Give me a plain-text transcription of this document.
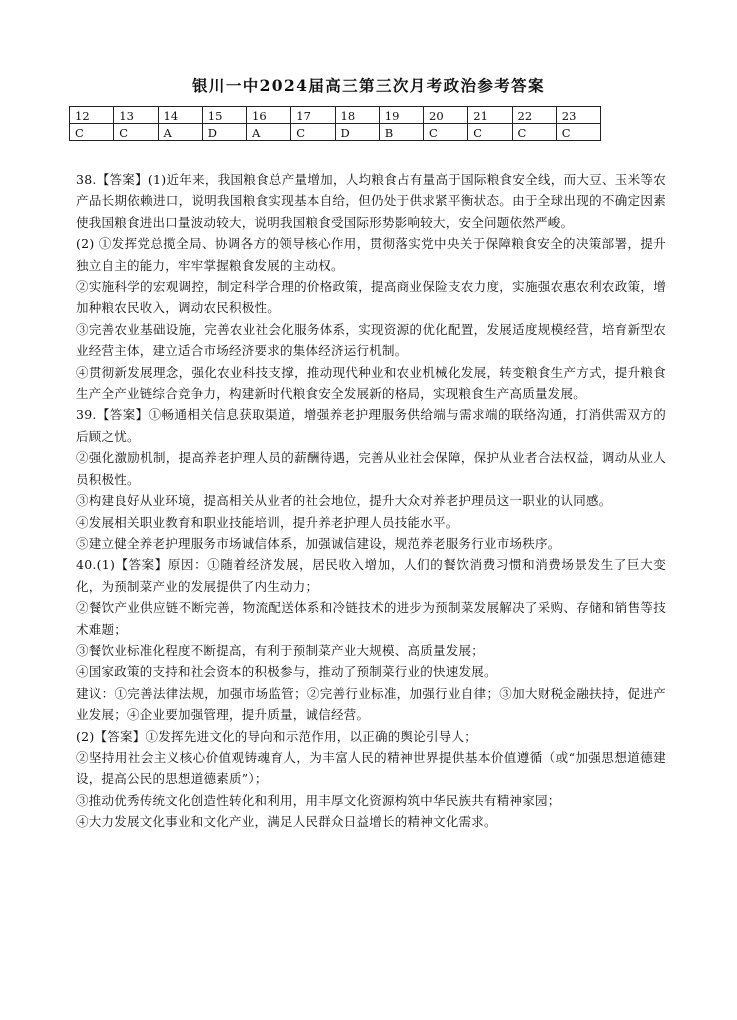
银川一中2024届高三第三次月考政治参考答案
12	13	14	15	16	17	18	19	20	21	22	23
C	C	A	D	A	C	D	B	C	C	C	C

38.【答案】(1)近年来，我国粮食总产量增加，人均粮食占有量高于国际粮食安全线，而大豆、玉米等农产品长期依赖进口，说明我国粮食实现基本自给，但仍处于供求紧平衡状态。由于全球出现的不确定因素使我国粮食进出口量波动较大，说明我国粮食受国际形势影响较大，安全问题依然严峻。

(2) ①发挥党总揽全局、协调各方的领导核心作用，贯彻落实党中央关于保障粮食安全的决策部署，提升独立自主的能力，牢牢掌握粮食发展的主动权。

②实施科学的宏观调控，制定科学合理的价格政策，提高商业保险支农力度，实施强农惠农利农政策，增加种粮农民收入，调动农民积极性。

③完善农业基础设施，完善农业社会化服务体系，实现资源的优化配置，发展适度规模经营，培育新型农业经营主体，建立适合市场经济要求的集体经济运行机制。

④贯彻新发展理念，强化农业科技支撑，推动现代种业和农业机械化发展，转变粮食生产方式，提升粮食生产全产业链综合竞争力，构建新时代粮食安全发展新的格局，实现粮食生产高质量发展。

39.【答案】①畅通相关信息获取渠道，增强养老护理服务供给端与需求端的联络沟通，打消供需双方的后顾之忧。

②强化激励机制，提高养老护理人员的薪酬待遇，完善从业社会保障，保护从业者合法权益，调动从业人员积极性。

③构建良好从业环境，提高相关从业者的社会地位，提升大众对养老护理员这一职业的认同感。

④发展相关职业教育和职业技能培训，提升养老护理人员技能水平。

⑤建立健全养老护理服务市场诚信体系，加强诚信建设，规范养老服务行业市场秩序。

40.(1)【答案】原因：①随着经济发展，居民收入增加，人们的餐饮消费习惯和消费场景发生了巨大变化，为预制菜产业的发展提供了内生动力；

②餐饮产业供应链不断完善，物流配送体系和冷链技术的进步为预制菜发展解决了采购、存储和销售等技术难题；

③餐饮业标准化程度不断提高，有利于预制菜产业大规模、高质量发展；

④国家政策的支持和社会资本的积极参与，推动了预制菜行业的快速发展。

建议：①完善法律法规，加强市场监管；②完善行业标准，加强行业自律；③加大财税金融扶持，促进产业发展；④企业要加强管理，提升质量，诚信经营。

(2)【答案】①发挥先进文化的导向和示范作用，以正确的舆论引导人；

②坚持用社会主义核心价值观铸魂育人，为丰富人民的精神世界提供基本价值遵循（或“加强思想道德建设，提高公民的思想道德素质”）；

③推动优秀传统文化创造性转化和利用，用丰厚文化资源构筑中华民族共有精神家园；

④大力发展文化事业和文化产业，满足人民群众日益增长的精神文化需求。
